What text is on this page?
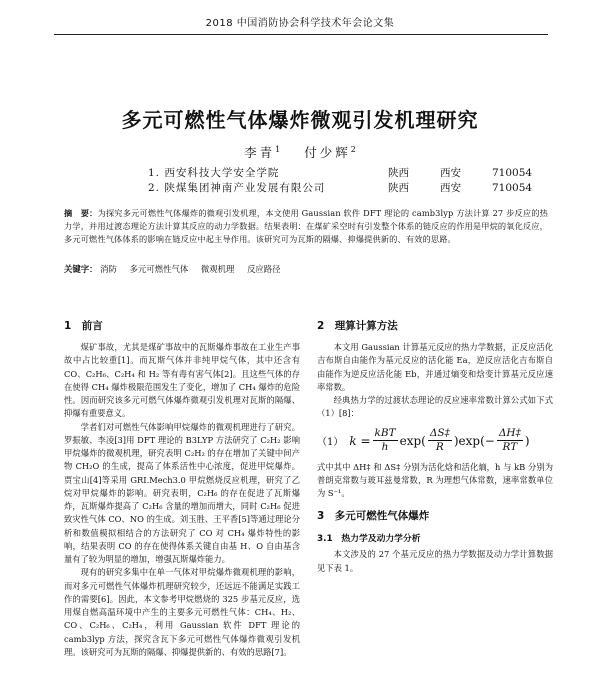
2018 中国消防协会科学技术年会论文集
多元可燃性气体爆炸微观引发机理研究
李青$^1$ 付少辉$^2$
1. 西安科技大学安全学院	陕西	西安	710054
2. 陕煤集团神南产业发展有限公司	陕西	西安	710054
摘　要：为探究多元可燃性气体爆炸的微观引发机理，本文使用 Gaussian 软件 DFT 理论的 camb3lyp 方法计算 27 步反应的热力学，并用过渡态理论方法计算其反应的动力学数据。结果表明：在煤矿采空时有引发整个体系的链反应的作用是甲烷的氧化反应，多元可燃性气体体系的影响在链反应中起主导作用。该研究可为瓦斯的隔爆、抑爆提供新的、有效的思路。
关键字： 消防 多元可燃性气体 微观机理 反应路径
1　前言

煤矿事故，尤其是煤矿事故中的瓦斯爆炸事故在工业生产事故中占比较重[1]。而瓦斯气体并非纯甲烷气体，其中还含有 CO、C₂H₆、C₂H₄ 和 H₂ 等有毒有害气体[2]。且这些气体的存在使得 CH₄ 爆炸极限范围发生了变化，增加了 CH₄ 爆炸的危险性。因而研究该多元可燃气体爆炸微观引发机理对瓦斯的隔爆、抑爆有重要意义。

学者们对可燃性气体影响甲烷爆炸的微观机理进行了研究。罗振敏、李凌[3]用 DFT 理论的 B3LYP 方法研究了 C₂H₂ 影响甲烷爆炸的微观机理，研究表明 C₂H₂ 的存在增加了关键中间产物 CH₂O 的生成，提高了体系活性中心浓度，促进甲烷爆炸。贾宝山[4]等采用 GRI.Mech3.0 甲烷燃烧反应机理，研究了乙烷对甲烷爆炸的影响。研究表明，C₂H₆ 的存在促进了瓦斯爆炸，瓦斯爆炸提高了 C₂H₆ 含量的增加而增大，同时 C₂H₆ 促进致灾性气体 CO、NO 的生成。刘玉胜、王平香[5]等通过理论分析和数值模拟相结合的方法研究了 CO 对 CH₄ 爆炸特性的影响，结果表明 CO 的存在使得体系关键自由基 H、O 自由基含量有了较为明显的增加，增强瓦斯爆炸能力。

现有的研究多集中在单一气体对甲烷爆炸微观机理的影响，而对多元可燃性气体爆炸机理研究较少，还远远不能满足实践工作的需要[6]。因此，本文参考甲烷燃烧的 325 步基元反应，选用煤自燃高温环境中产生的主要多元可燃性气体：CH₄、H₂、CO、C₂H₆、C₂H₄，利用 Gaussian 软件 DFT 理论的 camb3lyp 方法，探究含瓦下多元可燃性气体爆炸微观引发机理。该研究可为瓦斯的隔爆、抑爆提供新的、有效的思路[7]。

2　理算计算方法

本文用 Gaussian 计算基元反应的热力学数据，正反应活化吉布斯自由能作为基元反应的活化能 Ea，逆反应活化吉布斯自由能作为逆反应活化能 Eb，并通过熵变和焓变计算基元反应速率常数。

经典热力学的过渡状态理论的反应速率常数计算公式如下式（1）[8]：

（1） $k = \frac{\text{kBT}}{h} \exp( \frac{\Delta S\ddagger}{R} )\exp(- \frac{\Delta H\ddagger}{RT}$ )

式中其中 ΔH‡ 和 ΔS‡ 分别为活化焓和活化熵，h 与 kB 分别为普朗克常数与玻耳兹曼常数，R 为理想气体常数，速率常数单位为 S⁻¹。

3　多元可燃性气体爆炸
3.1　热力学及动力学分析

本文涉及的 27 个基元反应的热力学数据及动力学计算数据见下表 1。
